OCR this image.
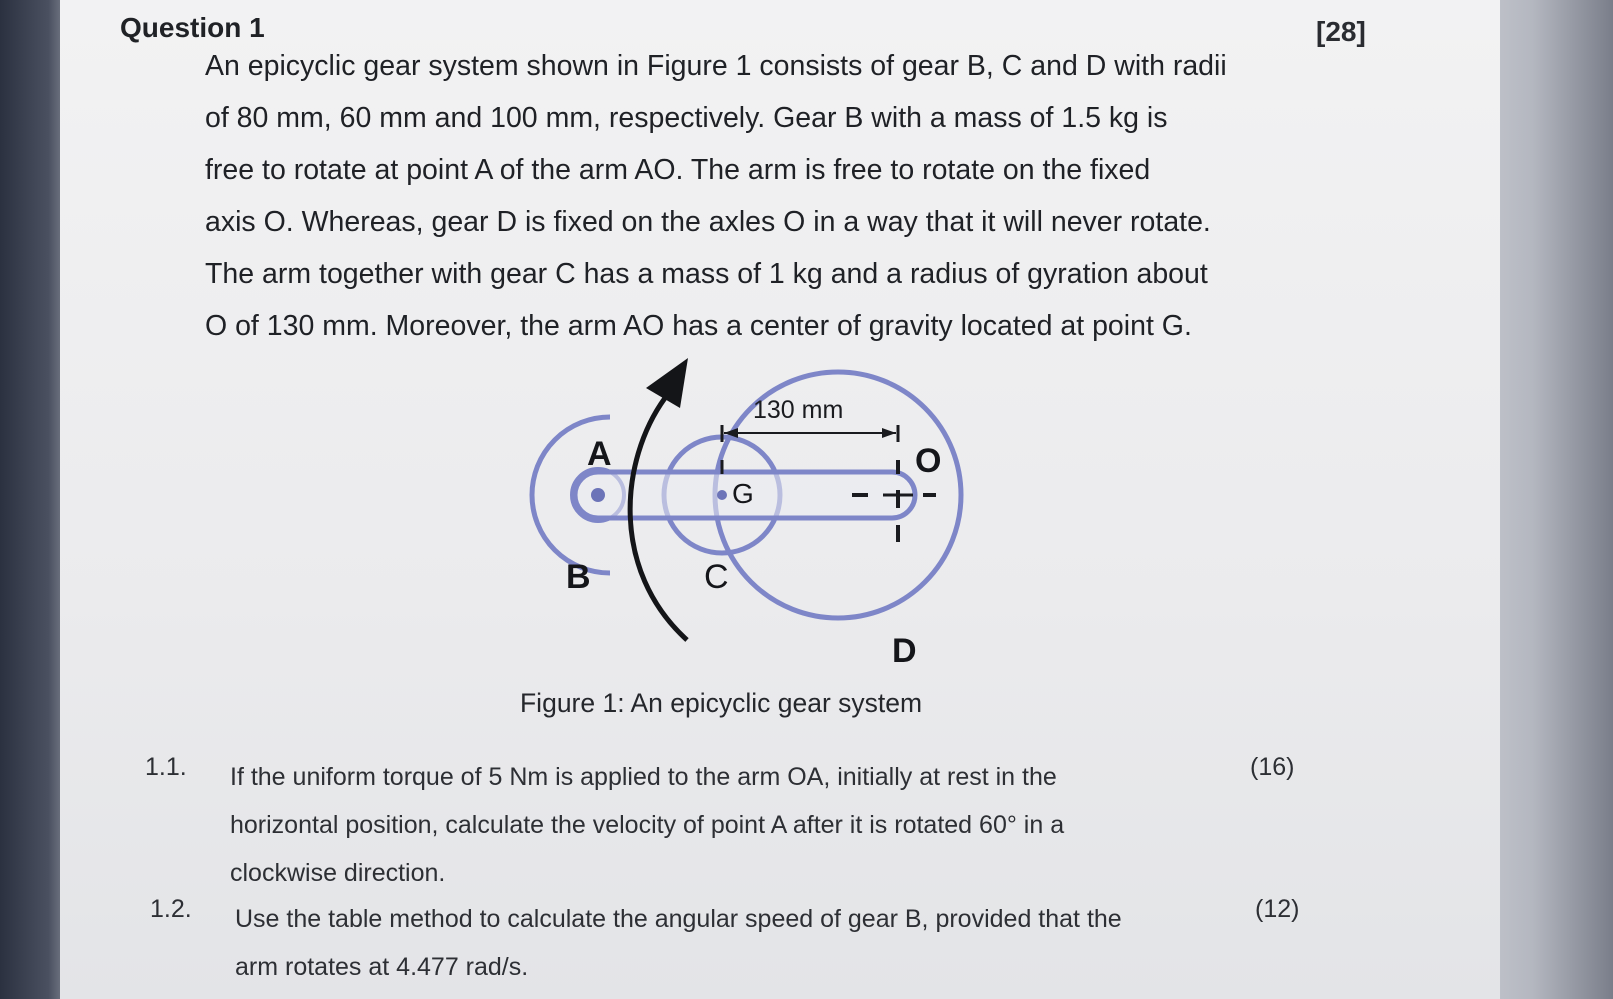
Question 1	[28]
An epicyclic gear system shown in Figure 1 consists of gear B, C and D with radii
of 80 mm, 60 mm and 100 mm, respectively. Gear B with a mass of 1.5 kg is
free to rotate at point A of the arm AO. The arm is free to rotate on the fixed
axis O. Whereas, gear D is fixed on the axles O in a way that it will never rotate.
The arm together with gear C has a mass of 1 kg and a radius of gyration about
O of 130 mm. Moreover, the arm AO has a center of gravity located at point G.
130 mm
A
G
O
B	C
D
Figure 1: An epicyclic gear system
1.1. If the uniform torque of 5 Nm is applied to the arm OA, initially at rest in the
horizontal position, calculate the velocity of point A after it is rotated 60° in a
clockwise direction.
(16)
1.2. Use the table method to calculate the angular speed of gear B, provided that the
arm rotates at 4.477 rad/s.
(12)
